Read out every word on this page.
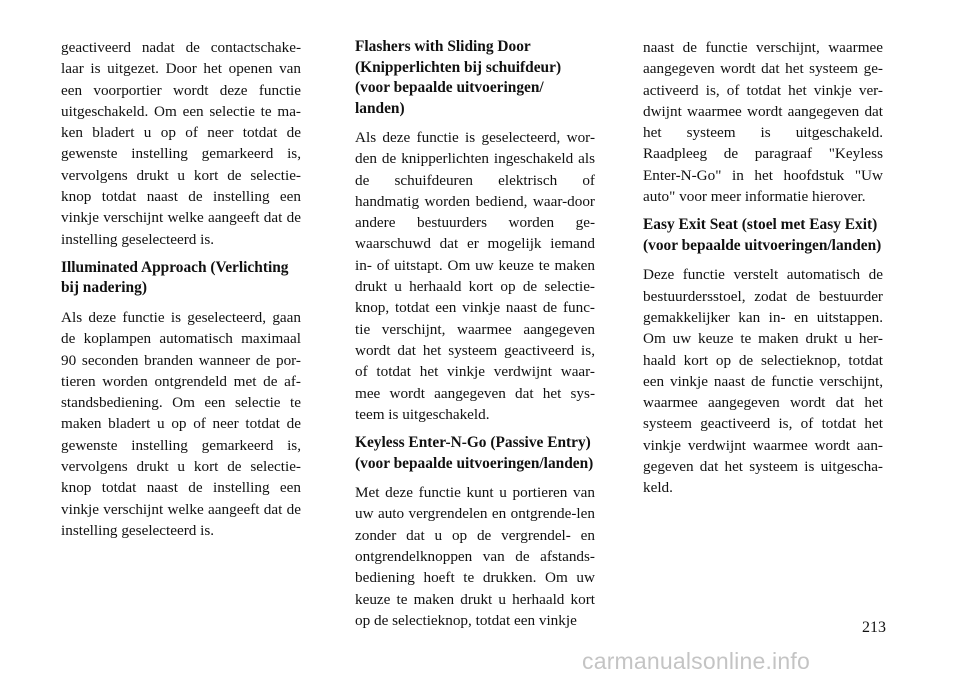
geactiveerd nadat de contactschake-laar is uitgezet. Door het openen van een voorportier wordt deze functie uitgeschakeld. Om een selectie te ma-ken bladert u op of neer totdat de gewenste instelling gemarkeerd is, vervolgens drukt u kort de selectie-knop totdat naast de instelling een vinkje verschijnt welke aangeeft dat de instelling geselecteerd is.

Illuminated Approach (Verlichting bij nadering)

Als deze functie is geselecteerd, gaan de koplampen automatisch maximaal 90 seconden branden wanneer de por-tieren worden ontgrendeld met de af-standsbediening. Om een selectie te maken bladert u op of neer totdat de gewenste instelling gemarkeerd is, vervolgens drukt u kort de selectie-knop totdat naast de instelling een vinkje verschijnt welke aangeeft dat de instelling geselecteerd is.

Flashers with Sliding Door (Knipperlichten bij schuifdeur) (voor bepaalde uitvoeringen/ landen)

Als deze functie is geselecteerd, wor-den de knipperlichten ingeschakeld als de schuifdeuren elektrisch of handmatig worden bediend, waar-door andere bestuurders worden ge-waarschuwd dat er mogelijk iemand in- of uitstapt. Om uw keuze te maken drukt u herhaald kort op de selectie-knop, totdat een vinkje naast de func-tie verschijnt, waarmee aangegeven wordt dat het systeem geactiveerd is, of totdat het vinkje verdwijnt waar-mee wordt aangegeven dat het sys-teem is uitgeschakeld.

Keyless Enter-N-Go (Passive Entry) (voor bepaalde uitvoeringen/landen)

Met deze functie kunt u portieren van uw auto vergrendelen en ontgrende-len zonder dat u op de vergrendel- en ontgrendelknoppen van de afstands-bediening hoeft te drukken. Om uw keuze te maken drukt u herhaald kort op de selectieknop, totdat een vinkje

naast de functie verschijnt, waarmee aangegeven wordt dat het systeem ge-activeerd is, of totdat het vinkje ver-dwijnt waarmee wordt aangegeven dat het systeem is uitgeschakeld. Raadpleeg de paragraaf "Keyless Enter-N-Go" in het hoofdstuk "Uw auto" voor meer informatie hierover.

Easy Exit Seat (stoel met Easy Exit) (voor bepaalde uitvoeringen/landen)

Deze functie verstelt automatisch de bestuurdersstoel, zodat de bestuurder gemakkelijker kan in- en uitstappen. Om uw keuze te maken drukt u her-haald kort op de selectieknop, totdat een vinkje naast de functie verschijnt, waarmee aangegeven wordt dat het systeem geactiveerd is, of totdat het vinkje verdwijnt waarmee wordt aan-gegeven dat het systeem is uitgescha-keld.

213
carmanualsonline.info
